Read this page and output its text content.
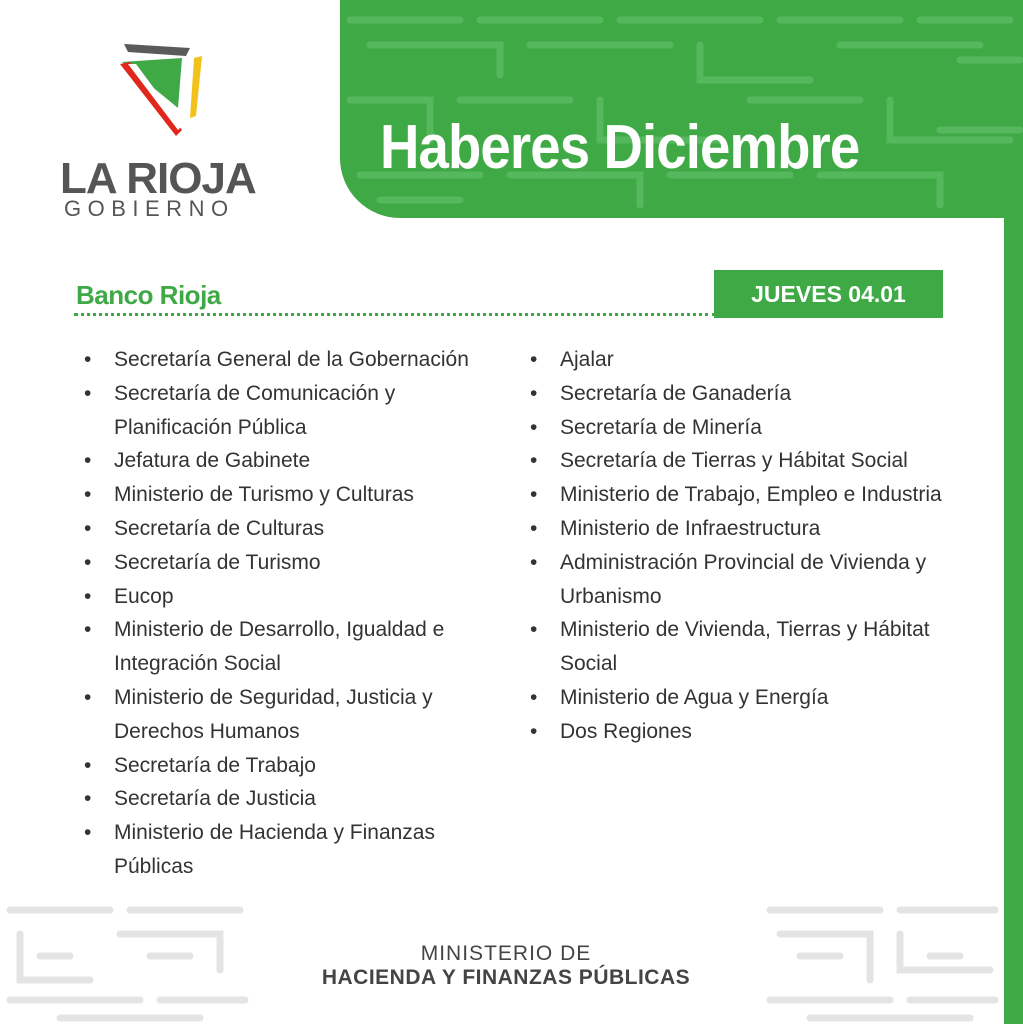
LA RIOJA
GOBIERNO
Haberes Diciembre
Banco Rioja	JUEVES 04.01
• Secretaría General de la Gobernación
• Secretaría de Comunicación y Planificación Pública
• Jefatura de Gabinete
• Ministerio de Turismo y Culturas
• Secretaría de Culturas
• Secretaría de Turismo
• Eucop
• Ministerio de Desarrollo, Igualdad e Integración Social
• Ministerio de Seguridad, Justicia y Derechos Humanos
• Secretaría de Trabajo
• Secretaría de Justicia
• Ministerio de Hacienda y Finanzas Públicas
• Ajalar
• Secretaría de Ganadería
• Secretaría de Minería
• Secretaría de Tierras y Hábitat Social
• Ministerio de Trabajo, Empleo e Industria
• Ministerio de Infraestructura
• Administración Provincial de Vivienda y Urbanismo
• Ministerio de Vivienda, Tierras y Hábitat Social
• Ministerio de Agua y Energía
• Dos Regiones
MINISTERIO DE
HACIENDA Y FINANZAS PÚBLICAS
